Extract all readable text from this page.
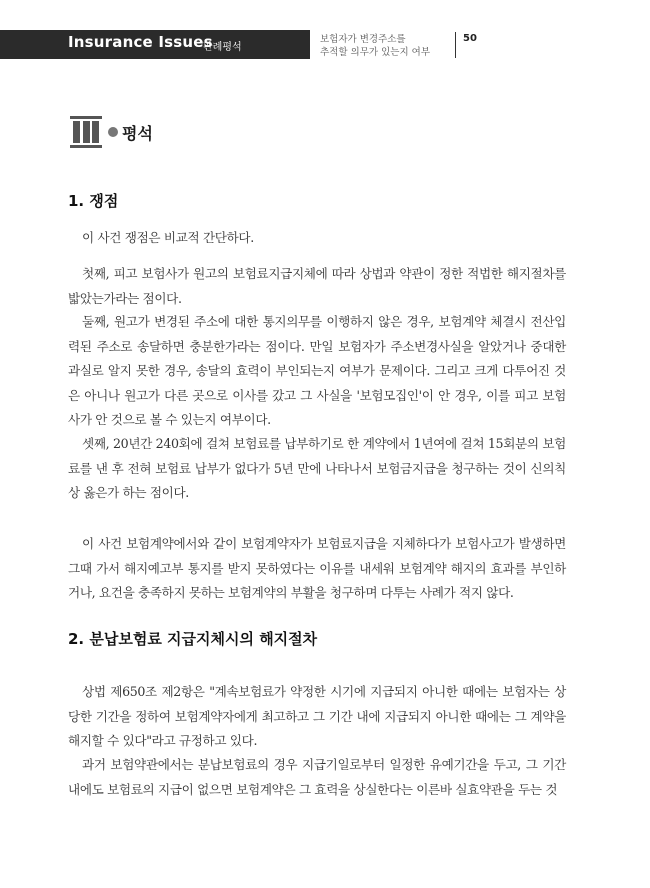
Insurance Issues
판례평석
보험자가 변경주소를
추적할 의무가 있는지 여부
50
평석
1. 쟁점

이 사건 쟁점은 비교적 간단하다.

첫째, 피고 보험사가 원고의 보험료지급지체에 따라 상법과 약관이 정한 적법한 해지절차를 밟았는가라는 점이다.

둘째, 원고가 변경된 주소에 대한 통지의무를 이행하지 않은 경우, 보험계약 체결시 전산입력된 주소로 송달하면 충분한가라는 점이다. 만일 보험자가 주소변경사실을 알았거나 중대한 과실로 알지 못한 경우, 송달의 효력이 부인되는지 여부가 문제이다. 그리고 크게 다투어진 것은 아니나 원고가 다른 곳으로 이사를 갔고 그 사실을 '보험모집인'이 안 경우, 이를 피고 보험사가 안 것으로 볼 수 있는지 여부이다.

셋째, 20년간 240회에 걸쳐 보험료를 납부하기로 한 계약에서 1년여에 걸쳐 15회분의 보험료를 낸 후 전혀 보험료 납부가 없다가 5년 만에 나타나서 보험금지급을 청구하는 것이 신의칙상 옳은가 하는 점이다.

이 사건 보험계약에서와 같이 보험계약자가 보험료지급을 지체하다가 보험사고가 발생하면 그때 가서 해지예고부 통지를 받지 못하였다는 이유를 내세워 보험계약 해지의 효과를 부인하거나, 요건을 충족하지 못하는 보험계약의 부활을 청구하며 다투는 사례가 적지 않다.

2. 분납보험료 지급지체시의 해지절차

상법 제650조 제2항은 "계속보험료가 약정한 시기에 지급되지 아니한 때에는 보험자는 상당한 기간을 정하여 보험계약자에게 최고하고 그 기간 내에 지급되지 아니한 때에는 그 계약을 해지할 수 있다"라고 규정하고 있다.

과거 보험약관에서는 분납보험료의 경우 지급기일로부터 일정한 유예기간을 두고, 그 기간 내에도 보험료의 지급이 없으면 보험계약은 그 효력을 상실한다는 이른바 실효약관을 두는 것
